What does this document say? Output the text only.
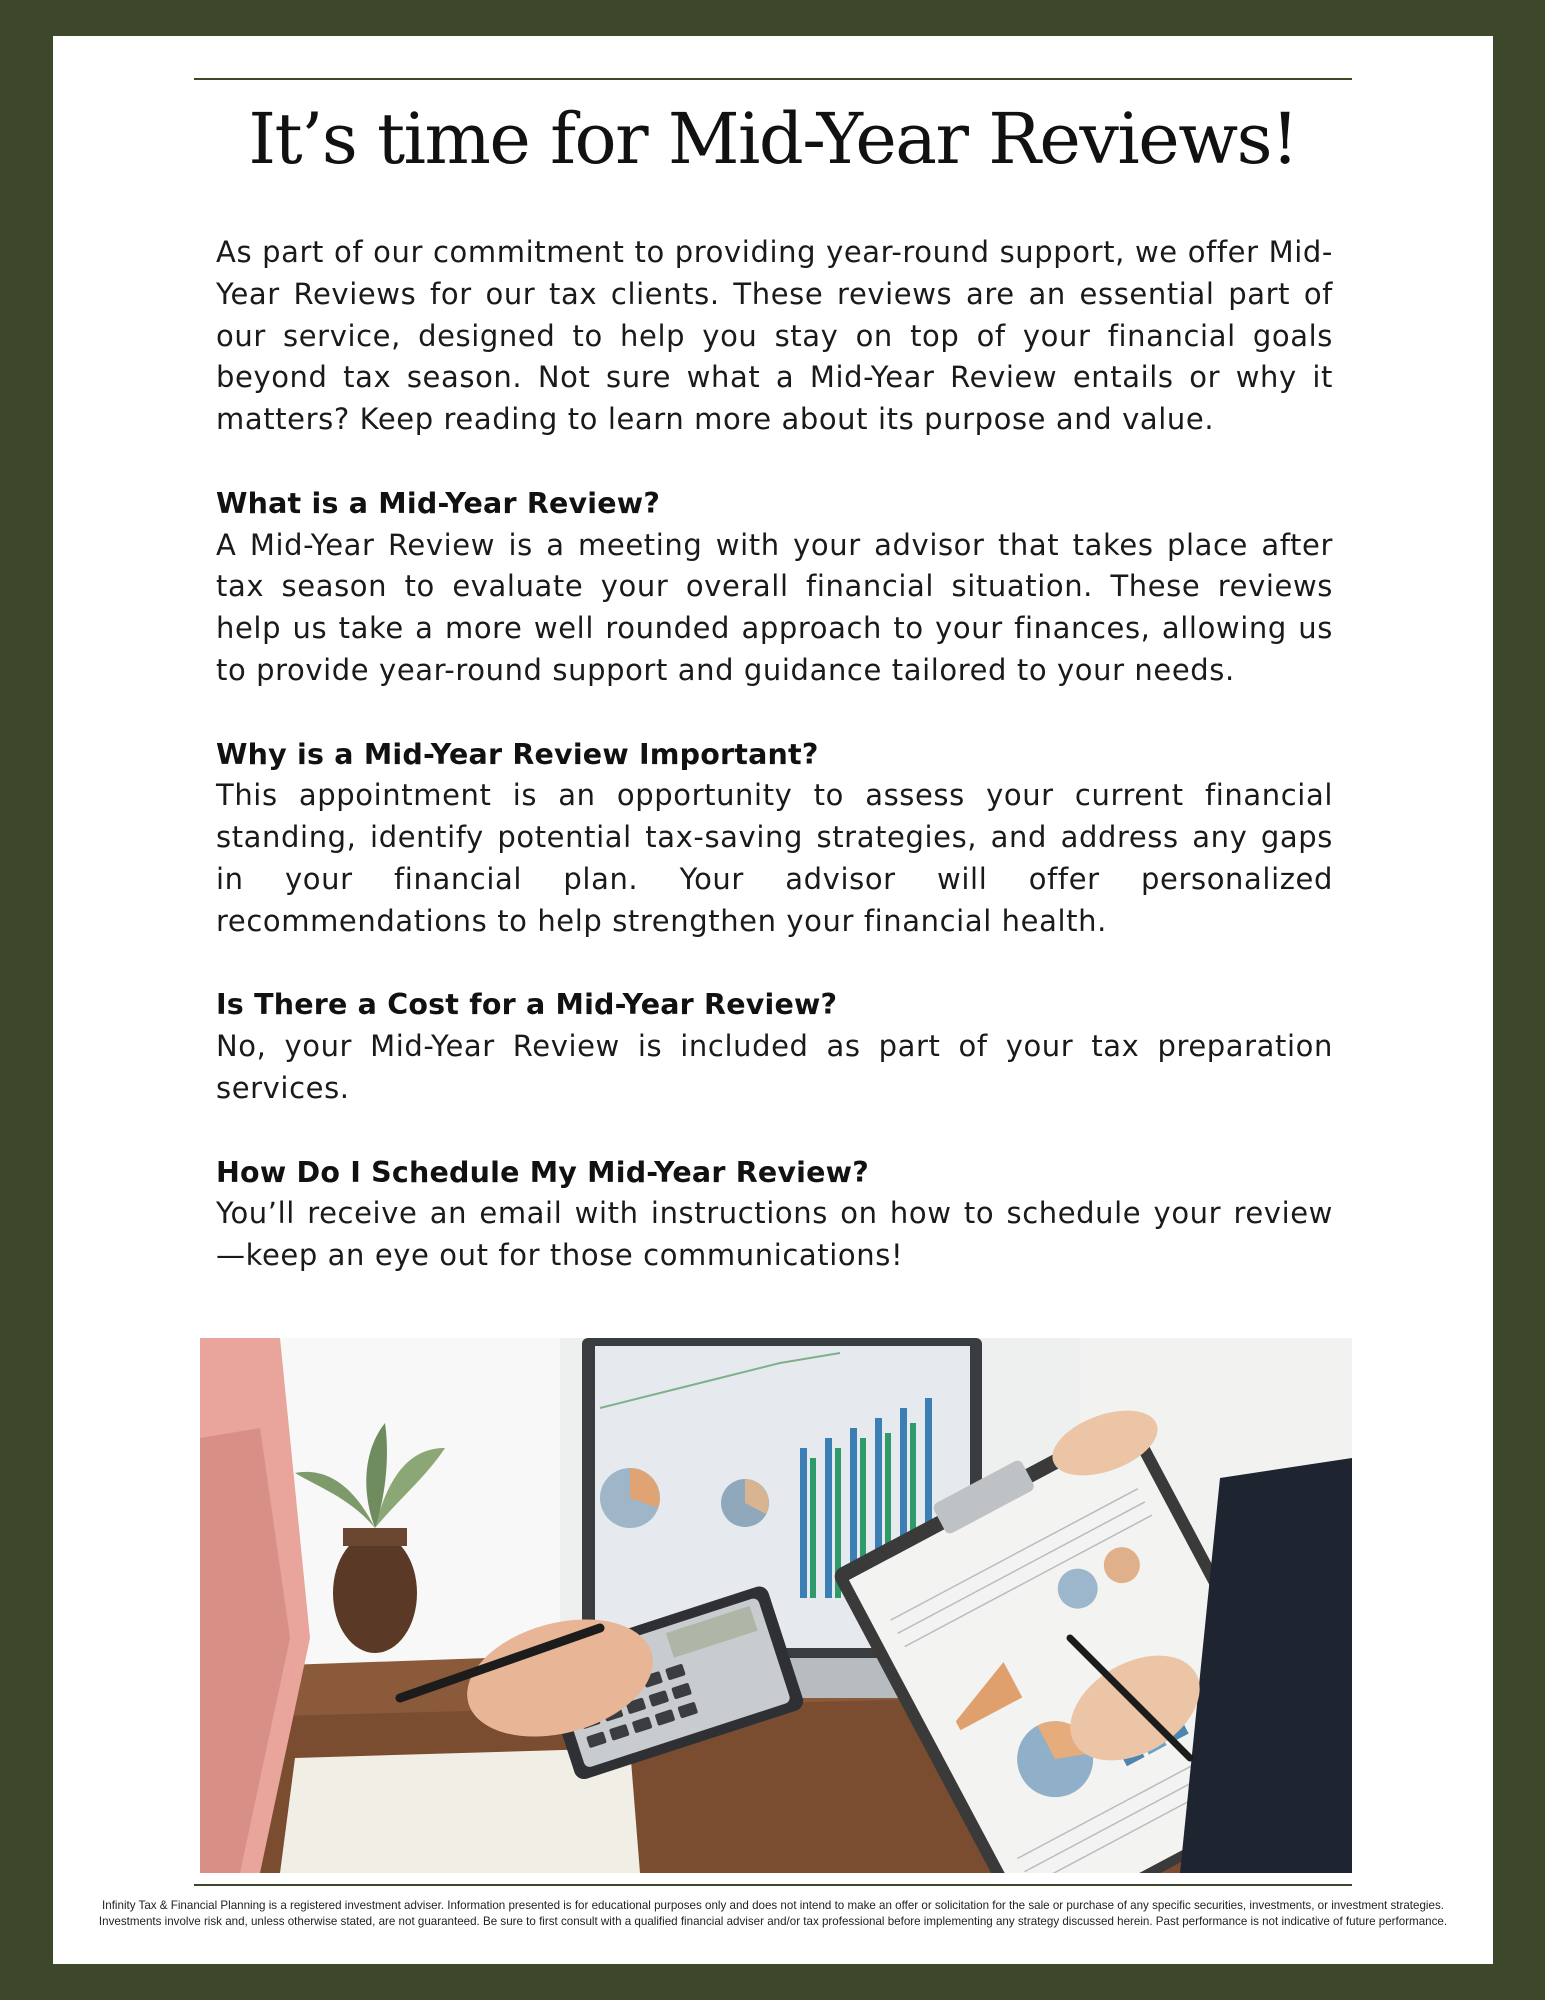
It’s time for Mid-Year Reviews!

As part of our commitment to providing year-round support, we offer Mid-Year Reviews for our tax clients. These reviews are an essential part of our service, designed to help you stay on top of your financial goals beyond tax season. Not sure what a Mid-Year Review entails or why it matters? Keep reading to learn more about its purpose and value.

What is a Mid-Year Review?

A Mid-Year Review is a meeting with your advisor that takes place after tax season to evaluate your overall financial situation. These reviews help us take a more well rounded approach to your finances, allowing us to provide year-round support and guidance tailored to your needs.

Why is a Mid-Year Review Important?

This appointment is an opportunity to assess your current financial standing, identify potential tax-saving strategies, and address any gaps in your financial plan. Your advisor will offer personalized recommendations to help strengthen your financial health.

Is There a Cost for a Mid-Year Review?

No, your Mid-Year Review is included as part of your tax preparation services.

How Do I Schedule My Mid-Year Review?

You’ll receive an email with instructions on how to schedule your review—keep an eye out for those communications!

Infinity Tax & Financial Planning is a registered investment adviser. Information presented is for educational purposes only and does not intend to make an offer or solicitation for the sale or purchase of any specific securities, investments, or investment strategies. Investments involve risk and, unless otherwise stated, are not guaranteed. Be sure to first consult with a qualified financial adviser and/or tax professional before implementing any strategy discussed herein. Past performance is not indicative of future performance.
